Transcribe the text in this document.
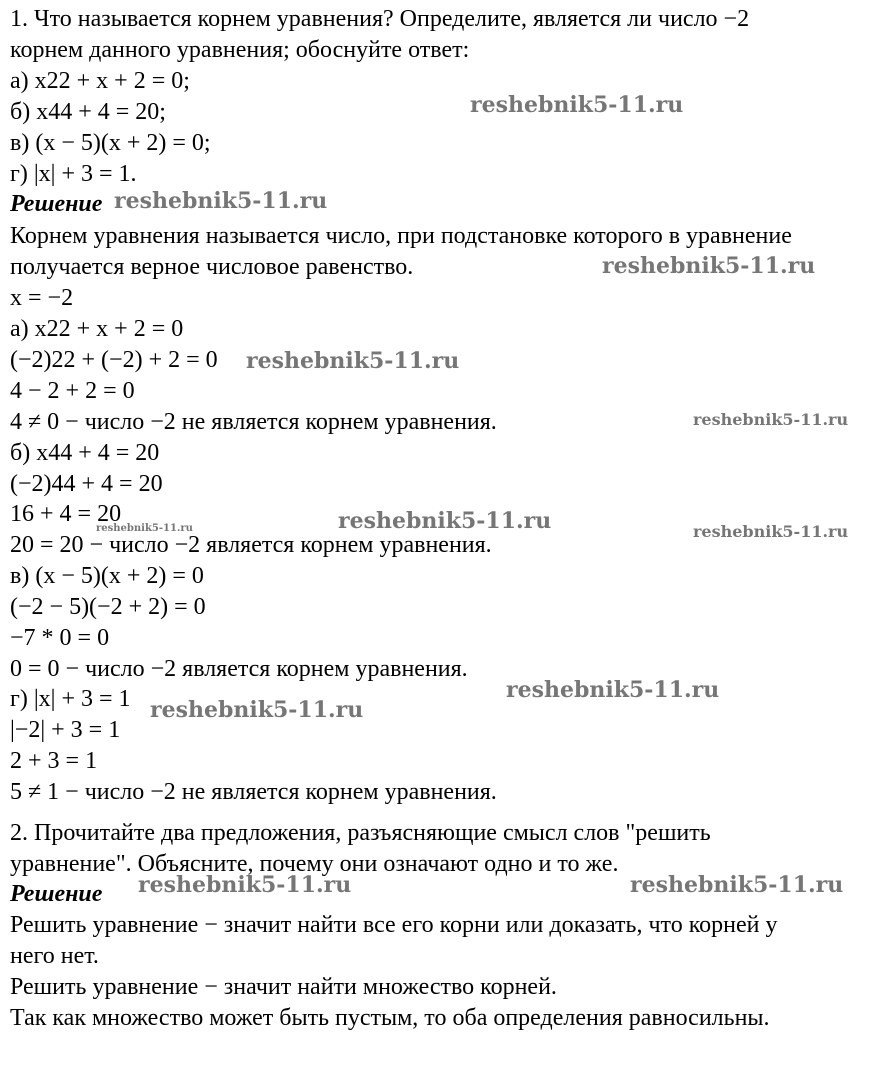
1. Что называется корнем уравнения? Определите, является ли число −2
корнем данного уравнения; обоснуйте ответ:
а) x22 + x + 2 = 0;
б) x44 + 4 = 20;
в) (x − 5)(x + 2) = 0;
г) |x| + 3 = 1.
Решение
Корнем уравнения называется число, при подстановке которого в уравнение
получается верное числовое равенство.
x = −2
а) x22 + x + 2 = 0
(−2)22 + (−2) + 2 = 0
4 − 2 + 2 = 0
4 ≠ 0 − число −2 не является корнем уравнения.
б) x44 + 4 = 20
(−2)44 + 4 = 20
16 + 4 = 20
20 = 20 − число −2 является корнем уравнения.
в) (x − 5)(x + 2) = 0
(−2 − 5)(−2 + 2) = 0
−7 * 0 = 0
0 = 0 − число −2 является корнем уравнения.
г) |x| + 3 = 1
|−2| + 3 = 1
2 + 3 = 1
5 ≠ 1 − число −2 не является корнем уравнения.
2. Прочитайте два предложения, разъясняющие смысл слов "решить
уравнение". Объясните, почему они означают одно и то же.
Решение
Решить уравнение − значит найти все его корни или доказать, что корней у
него нет.
Решить уравнение − значит найти множество корней.
Так как множество может быть пустым, то оба определения равносильны.
reshebnik5-11.ru
reshebnik5-11.ru
reshebnik5-11.ru
reshebnik5-11.ru
reshebnik5-11.ru
reshebnik5-11.ru
reshebnik5-11.ru	reshebnik5-11.ru
reshebnik5-11.ru
reshebnik5-11.ru
reshebnik5-11.ru	reshebnik5-11.ru
